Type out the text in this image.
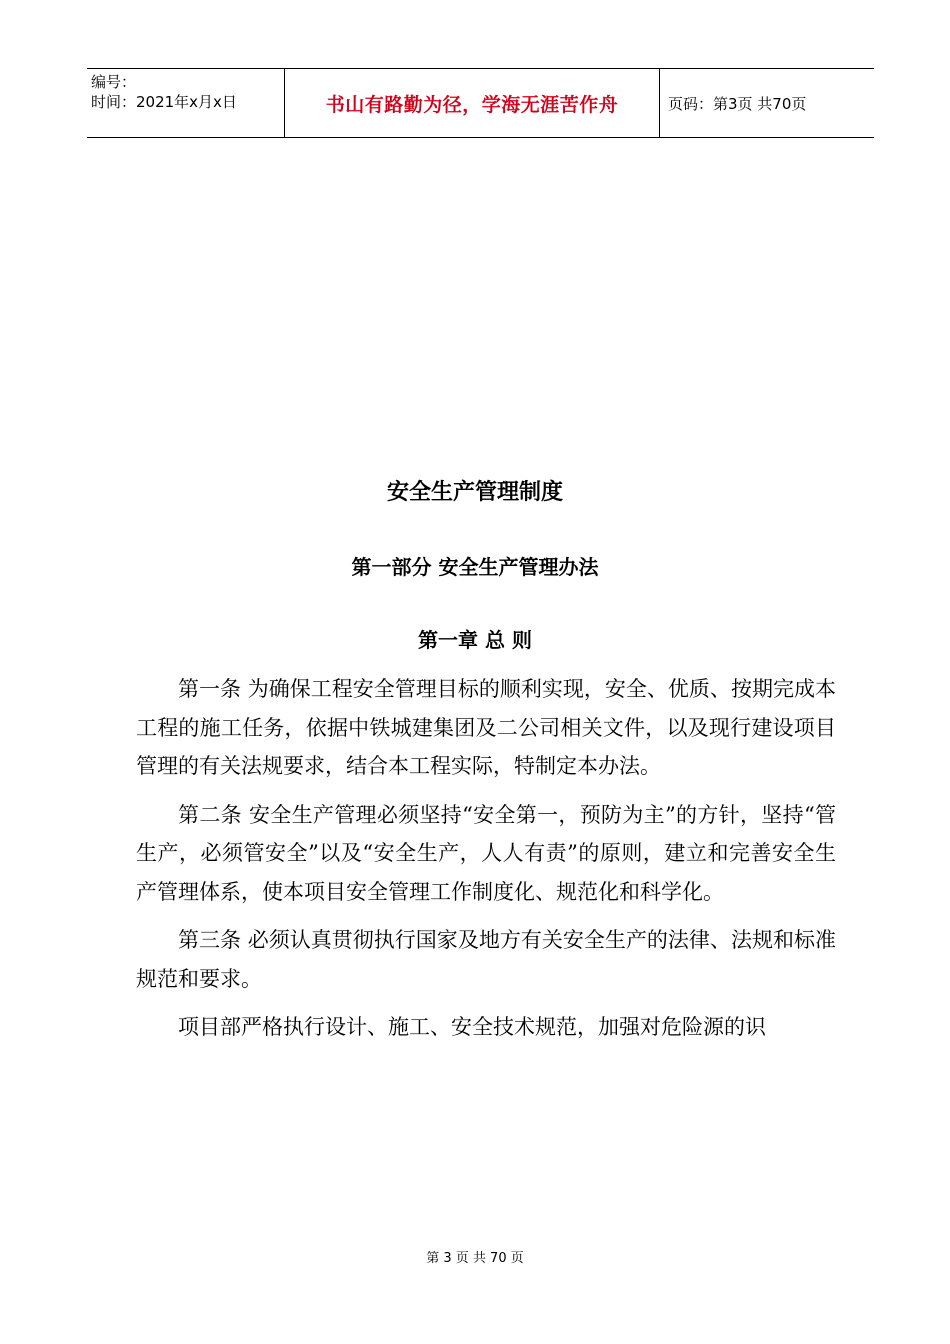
编号：
时间：2021年x月x日	书山有路勤为径，学海无涯苦作舟	页码：第3页 共70页
安全生产管理制度
第一部分 安全生产管理办法
第一章 总 则

第一条 为确保工程安全管理目标的顺利实现，安全、优质、按期完成本工程的施工任务，依据中铁城建集团及二公司相关文件，以及现行建设项目管理的有关法规要求，结合本工程实际，特制定本办法。

第二条 安全生产管理必须坚持“安全第一，预防为主”的方针，坚持“管生产，必须管安全”以及“安全生产，人人有责”的原则，建立和完善安全生产管理体系，使本项目安全管理工作制度化、规范化和科学化。

第三条 必须认真贯彻执行国家及地方有关安全生产的法律、法规和标准规范和要求。

项目部严格执行设计、施工、安全技术规范，加强对危险源的识

第 3 页 共 70 页
